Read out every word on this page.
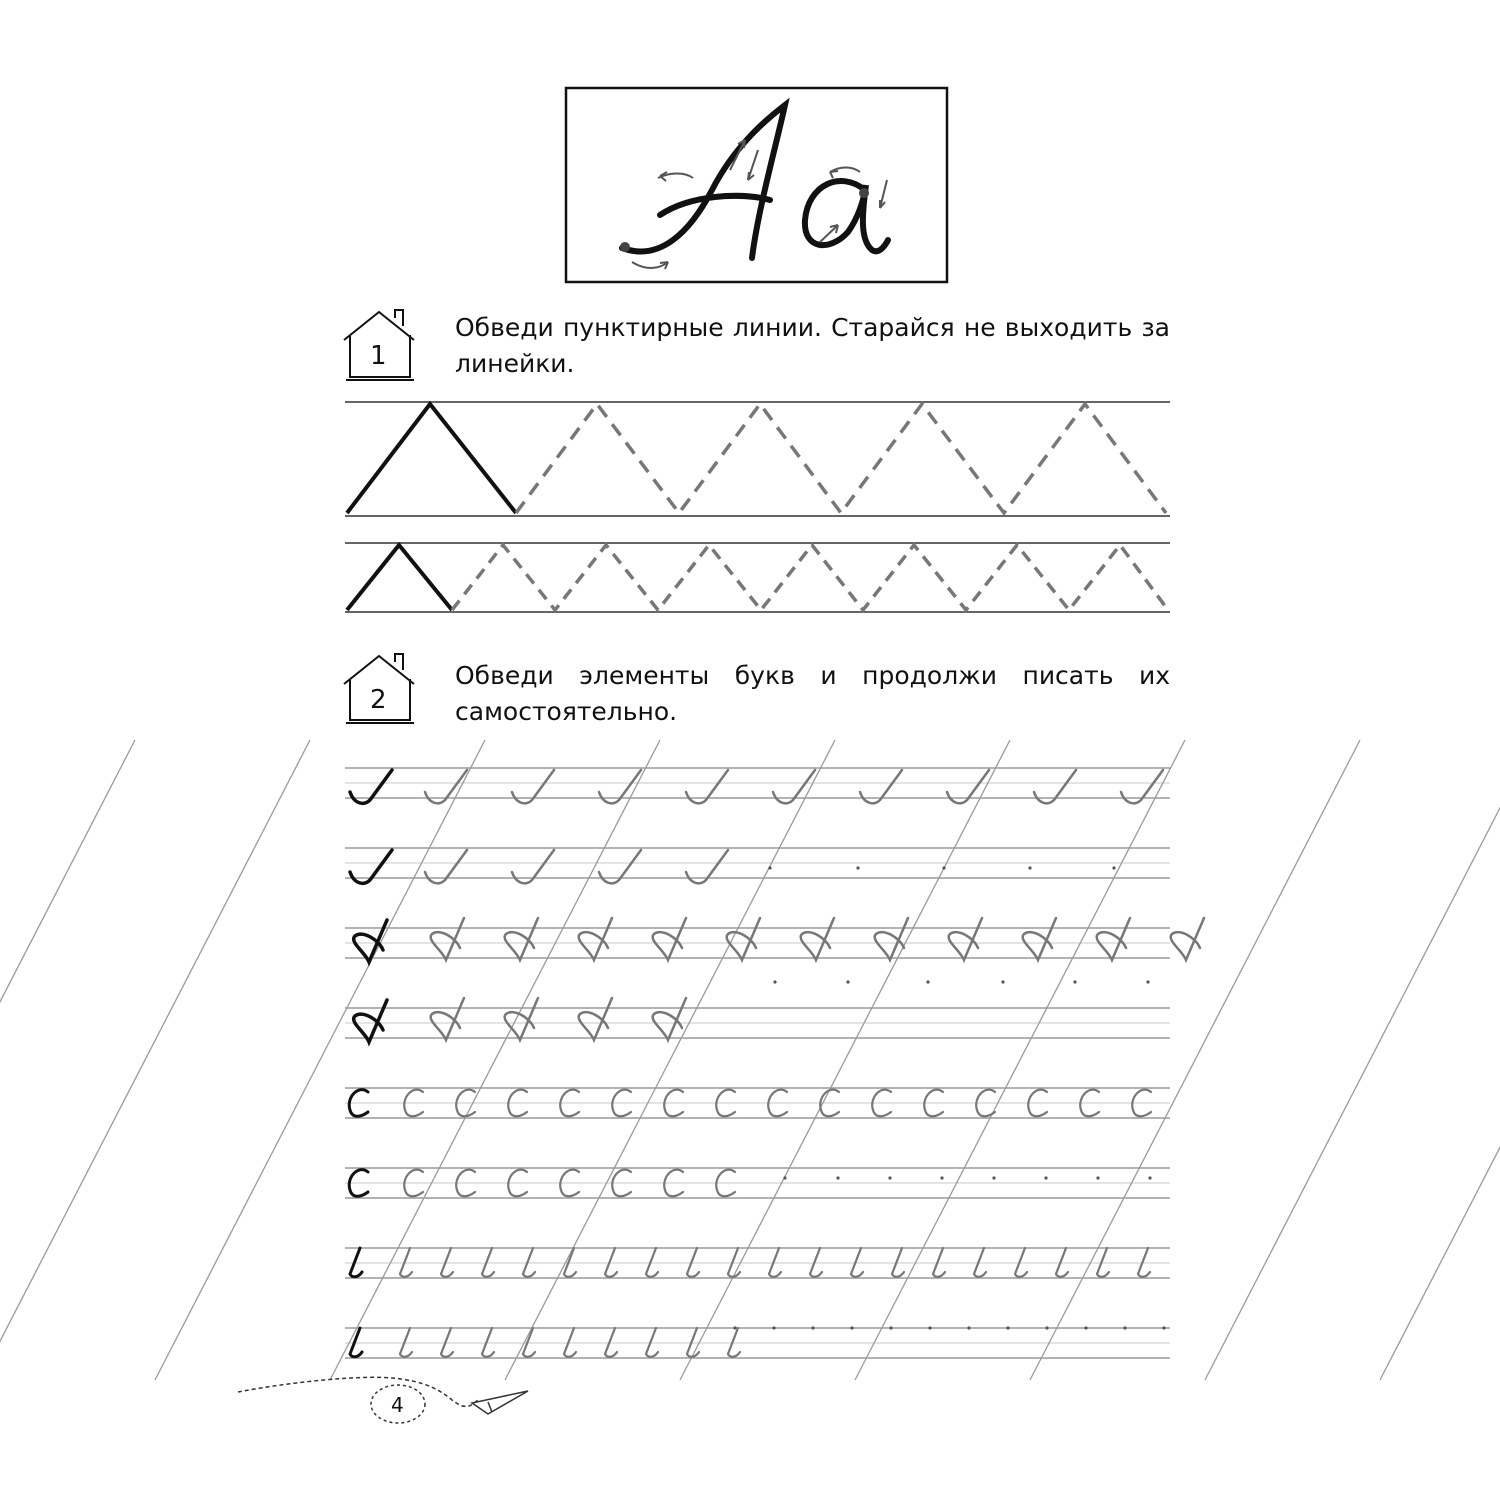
1
2
4
Обведи пунктирные линии. Старайся не выходить за линейки.
Обведи элементы букв и продолжи писать их самостоятельно.
